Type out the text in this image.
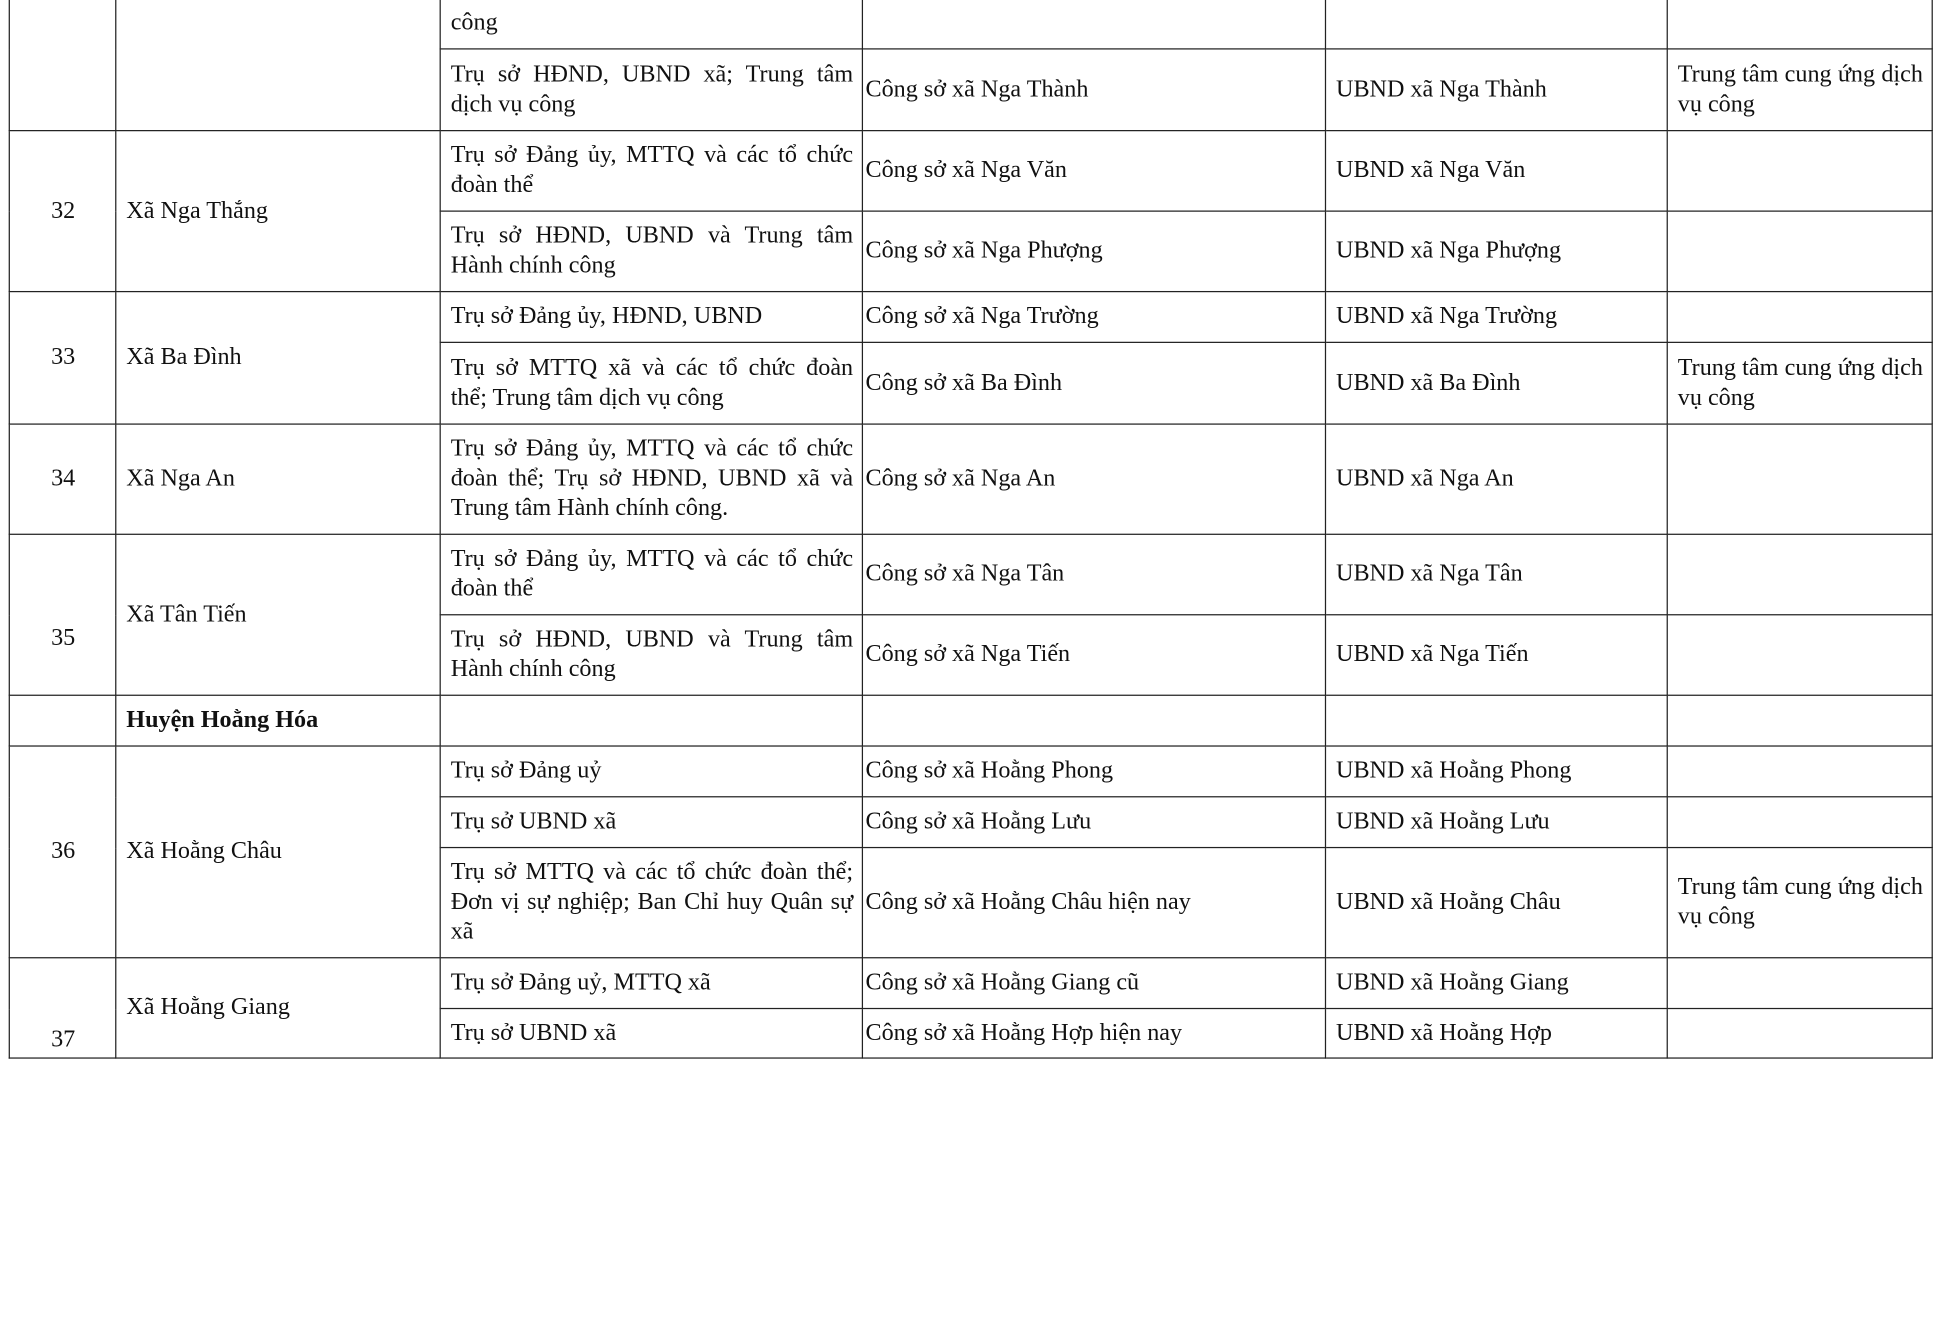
		công			
		Trụ sở HĐND, UBND xã; Trung tâm dịch vụ công	Công sở xã Nga Thành	UBND xã Nga Thành	Trung tâm cung ứng dịch vụ công
32	Xã Nga Thắng	Trụ sở Đảng ủy, MTTQ và các tổ chức đoàn thể	Công sở xã Nga Văn	UBND xã Nga Văn	
		Trụ sở HĐND, UBND và Trung tâm Hành chính công	Công sở xã Nga Phượng	UBND xã Nga Phượng	
33	Xã Ba Đình	Trụ sở Đảng ủy, HĐND, UBND	Công sở xã Nga Trường	UBND xã Nga Trường	
		Trụ sở MTTQ xã và các tổ chức đoàn thể; Trung tâm dịch vụ công	Công sở xã Ba Đình	UBND xã Ba Đình	Trung tâm cung ứng dịch vụ công
34	Xã Nga An	Trụ sở Đảng ủy, MTTQ và các tổ chức đoàn thể; Trụ sở HĐND, UBND xã và Trung tâm Hành chính công.	Công sở xã Nga An	UBND xã Nga An	
35	Xã Tân Tiến	Trụ sở Đảng ủy, MTTQ và các tổ chức đoàn thể	Công sở xã Nga Tân	UBND xã Nga Tân	
		Trụ sở HĐND, UBND và Trung tâm Hành chính công	Công sở xã Nga Tiến	UBND xã Nga Tiến	
	Huyện Hoằng Hóa				
36	Xã Hoằng Châu	Trụ sở Đảng uỷ	Công sở xã Hoằng Phong	UBND xã Hoằng Phong	
		Trụ sở UBND xã	Công sở xã Hoằng Lưu	UBND xã Hoằng Lưu	
		Trụ sở MTTQ và các tổ chức đoàn thể; Đơn vị sự nghiệp; Ban Chỉ huy Quân sự xã	Công sở xã Hoằng Châu hiện nay	UBND xã Hoằng Châu	Trung tâm cung ứng dịch vụ công
37	Xã Hoằng Giang	Trụ sở Đảng uỷ, MTTQ xã	Công sở xã Hoằng Giang cũ	UBND xã Hoằng Giang	
		Trụ sở UBND xã	Công sở xã Hoằng Hợp hiện nay	UBND xã Hoằng Hợp	
